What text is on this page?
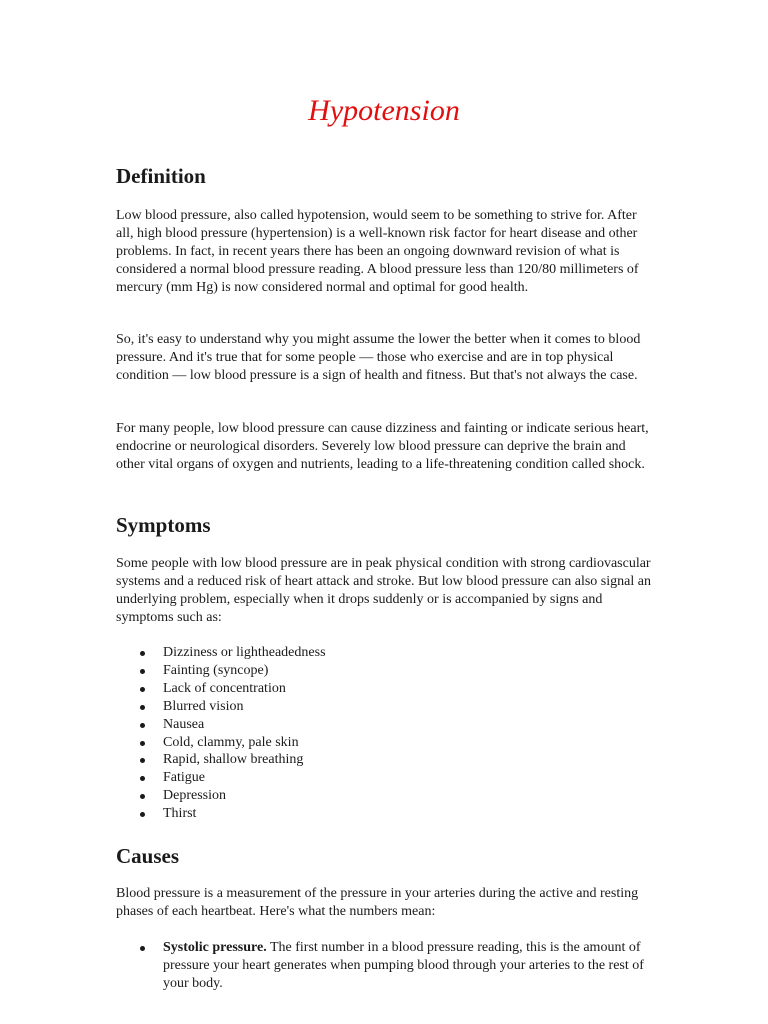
Hypotension
Definition

Low blood pressure, also called hypotension, would seem to be something to strive for. After all, high blood pressure (hypertension) is a well-known risk factor for heart disease and other problems. In fact, in recent years there has been an ongoing downward revision of what is considered a normal blood pressure reading. A blood pressure less than 120/80 millimeters of mercury (mm Hg) is now considered normal and optimal for good health.

So, it's easy to understand why you might assume the lower the better when it comes to blood pressure. And it's true that for some people — those who exercise and are in top physical condition — low blood pressure is a sign of health and fitness. But that's not always the case.

For many people, low blood pressure can cause dizziness and fainting or indicate serious heart, endocrine or neurological disorders. Severely low blood pressure can deprive the brain and other vital organs of oxygen and nutrients, leading to a life-threatening condition called shock.

Symptoms

Some people with low blood pressure are in peak physical condition with strong cardiovascular systems and a reduced risk of heart attack and stroke. But low blood pressure can also signal an underlying problem, especially when it drops suddenly or is accompanied by signs and symptoms such as:

Dizziness or lightheadedness
Fainting (syncope)
Lack of concentration
Blurred vision
Nausea
Cold, clammy, pale skin
Rapid, shallow breathing
Fatigue
Depression
Thirst
Causes

Blood pressure is a measurement of the pressure in your arteries during the active and resting phases of each heartbeat. Here's what the numbers mean:

Systolic pressure. The first number in a blood pressure reading, this is the amount of pressure your heart generates when pumping blood through your arteries to the rest of your body.
